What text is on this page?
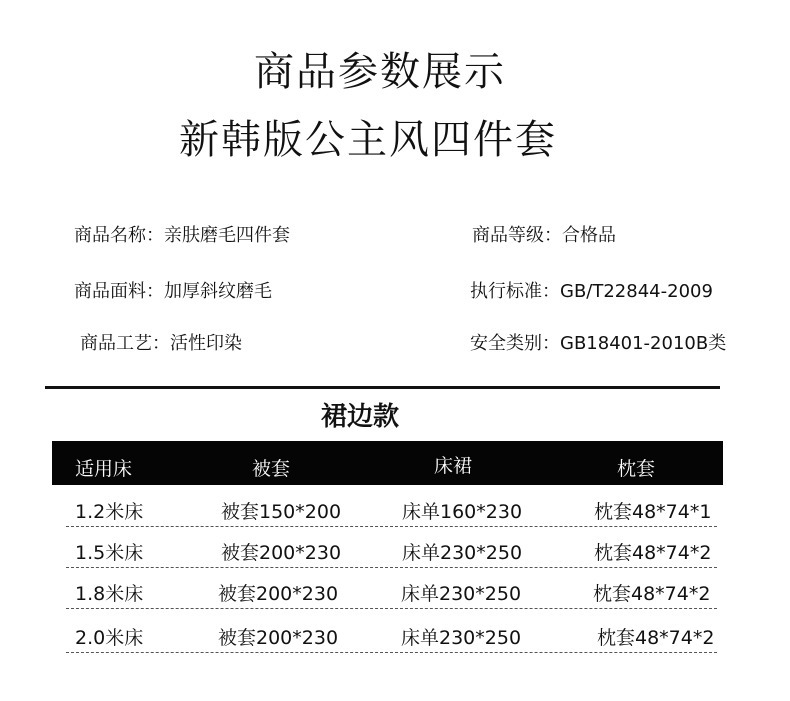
商品参数展示
新韩版公主风四件套
商品名称：亲肤磨毛四件套	商品等级：合格品
商品面料：加厚斜纹磨毛	执行标准：GB/T22844-2009
商品工艺：活性印染	安全类别：GB18401-2010B类
裙边款
适用床	被套	床裙	枕套
1.2米床	被套150*200	床单160*230	枕套48*74*1
1.5米床	被套200*230	床单230*250	枕套48*74*2
1.8米床	被套200*230	床单230*250	枕套48*74*2
2.0米床	被套200*230	床单230*250	枕套48*74*2
